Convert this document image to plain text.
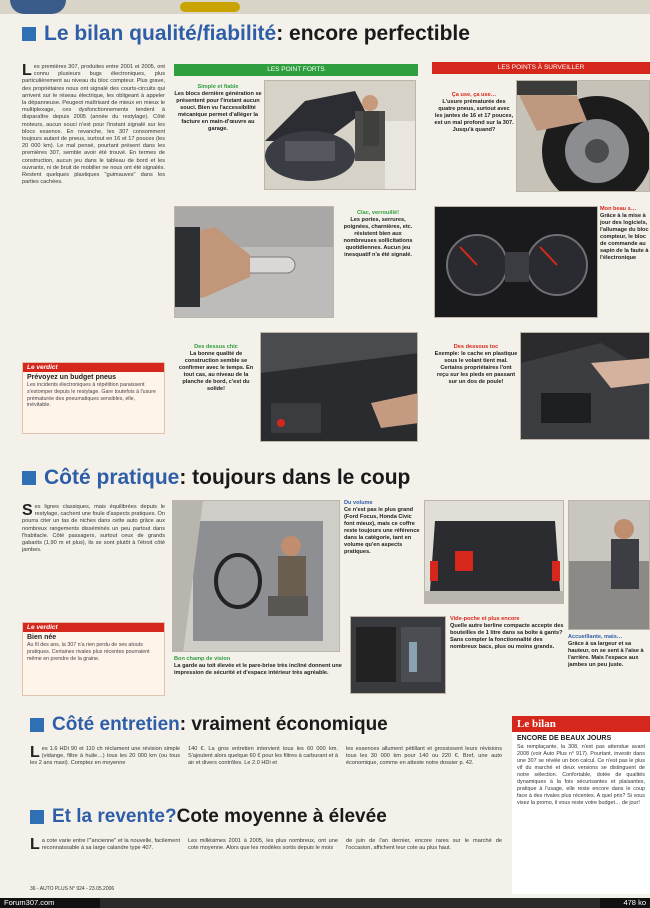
Le bilan qualité/fiabilité : encore perfectible
Les premières 307, produites entre 2001 et 2005, ont connu plusieurs bugs électroniques, plus particulièrement au niveau du bloc compteur. Plus grave, des propriétaires nous ont signalé des courts-circuits qui arrivent sur le réseau électrique, les obligeant à appeler la dépanneuse. Peugeot maîtrisant de mieux en mieux le multiplexage, ces dysfonctionnements tendent à disparaître depuis 2005 (année du restylage). Côté moteurs, aucun souci n'est pour l'instant signalé sur les blocs essence. En revanche, les 307 consomment toujours autant de pneus, surtout en 16 et 17 pouces (les 20 000 km). Le mal pensé, pourtant présent dans les premières 307, semble avoir été trouvé. En termes de construction, aucun jeu dans le tableau de bord et les ouvrants, ni de bruit de mobilier ne nous ont été signalés. Restent quelques plastiques "guimauves" dans les parties cachées.
Le verdict
Prévoyez un budget pneus
Les incidents électroniques à répétition paraissent s'estomper depuis le restylage. Gare toutefois à l'usure prématurée des pneumatiques sensibles, elle, inévitable.
LES POINT FORTS	LES POINTS À SURVEILLER
Simple et fiable
Les blocs dernière génération se présentent pour l'instant aucun souci. Bien vu l'accessibilité mécanique permet d'alléger la facture en main-d'œuvre au garage.
Ça use, ça use…
L'usure prématurée des quatre pneus, surtout avec les jantes de 16 et 17 pouces, est un mal profond sur la 307. Jusqu'à quand?
Clac, verrouillé!
Les portes, serrures, poignées, charnières, etc. résistent bien aux nombreuses sollicitations quotidiennes. Aucun jeu inesquatif n'a été signalé.
Mon beau s…
Grâce à la mise à jour des logiciels, l'allumage du bloc compteur, le bloc de commande au sapin de la faute à l'électronique
Des dessus chic
La bonne qualité de construction semble se confirmer avec le temps. En tout cas, au niveau de la planche de bord, c'est du solide!
Des dessous toc
Exemple: le cache en plastique sous le volant tient mal. Certains propriétaires l'ont reçu sur les pieds en passant sur un dos de poule!
Côté pratique : toujours dans le coup
Ses lignes classiques, mais équilibrées depuis le restylage, cachent une foule d'aspects pratiques. On pourra citer un tas de niches dans cette auto grâce aux nombreux rangements disséminés un peu partout dans l'habitacle. Côté passagers, surtout ceux de grands gabarits (1,90 m et plus), ils se sont plutôt à l'étroit côté jambes.
Le verdict
Bien née
Au fil des ans, la 307 n'a rien perdu de ses atouts pratiques. Certaines rivales plus récentes pourraient même en prendre de la graine.
Du volume
Ce n'est pas le plus grand (Ford Focus, Honda Civic font mieux), mais ce coffre reste toujours une référence dans la catégorie, tant en volume qu'en aspects pratiques.
Vide-poche et plus encore
Quelle autre berline compacte accepte des bouteilles de 1 litre dans sa boîte à gants? Sans compter la fonctionnalité des nombreux bacs, plus ou moins grands.
Bon champ de vision
La garde au toit élevée et le pare-brise très incliné donnent une impression de sécurité et d'espace intérieur très agréable.
Accueillante, mais…
Grâce à sa largeur et sa hauteur, on se sent à l'aise à l'arrière. Mais l'espace aux jambes un peu juste.
Côté entretien : vraiment économique
Les 1.6 HDi 90 et 110 ch réclament une révision simple (vidange, filtre à huile…) tous les 20 000 km (ou tous les 2 ans maxi). Comptez en moyenne
140 €. La gros entretien intervient tous les 60 000 km. S'ajoutent alors quelque 60 € pour les filtres à carburant et à air et divers contrôles. Le 2.0 HDi et
les essences allument pétillant et grossissent leurs révisions tous les 30 000 km pour 140 ou 220 €. Bref, une auto économique, comme en atteste notre dossier p. 42.
Et la revente? Cote moyenne à élevée
La cote varie entre l'"ancienne" et la nouvelle, facilement reconnaissable à sa large calandre type 407.
Les millésimes 2001 à 2005, les plus nombreux, ont une cote moyenne. Alors que les modèles sortis depuis le mois
de juin de l'an dernier, encore rares sur le marché de l'occasion, affichent leur cote au plus haut.
Le bilan
ENCORE DE BEAUX JOURS
Sa remplaçante, la 308, n'est pas attendue avant 2008 (voir Auto Plus n° 917). Pourtant, investir dans une 307 se révèle un bon calcul. Ce n'est pas le plus vif du marché et deux versions se distinguent de notre sélection. Confortable, dotée de qualités dynamiques à la fois sécurisantes et plaisantes, pratique à l'usage, elle reste encore dans le coup face à des rivales plus récentes. A quel prix? Si vous visez la promo, il vous reste votre budget… de jour!
36 - AUTO PLUS N° 924 - 23.05.2006
Forum307.com	478 ko
